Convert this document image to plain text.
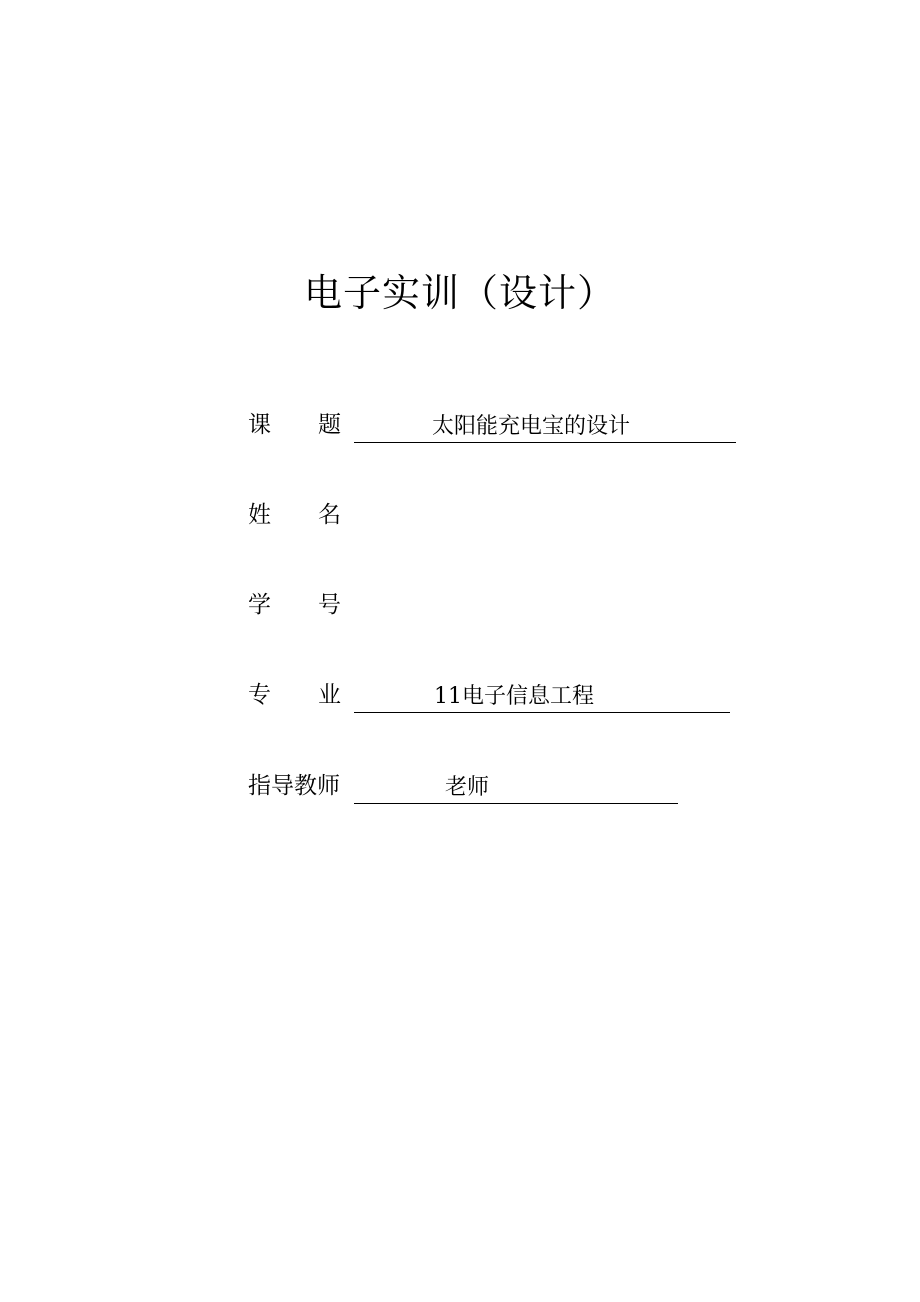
电子实训（设计）
课 题	太阳能充电宝的设计
姓 名
学 号
专 业	11电子信息工程
指导教师	老师
